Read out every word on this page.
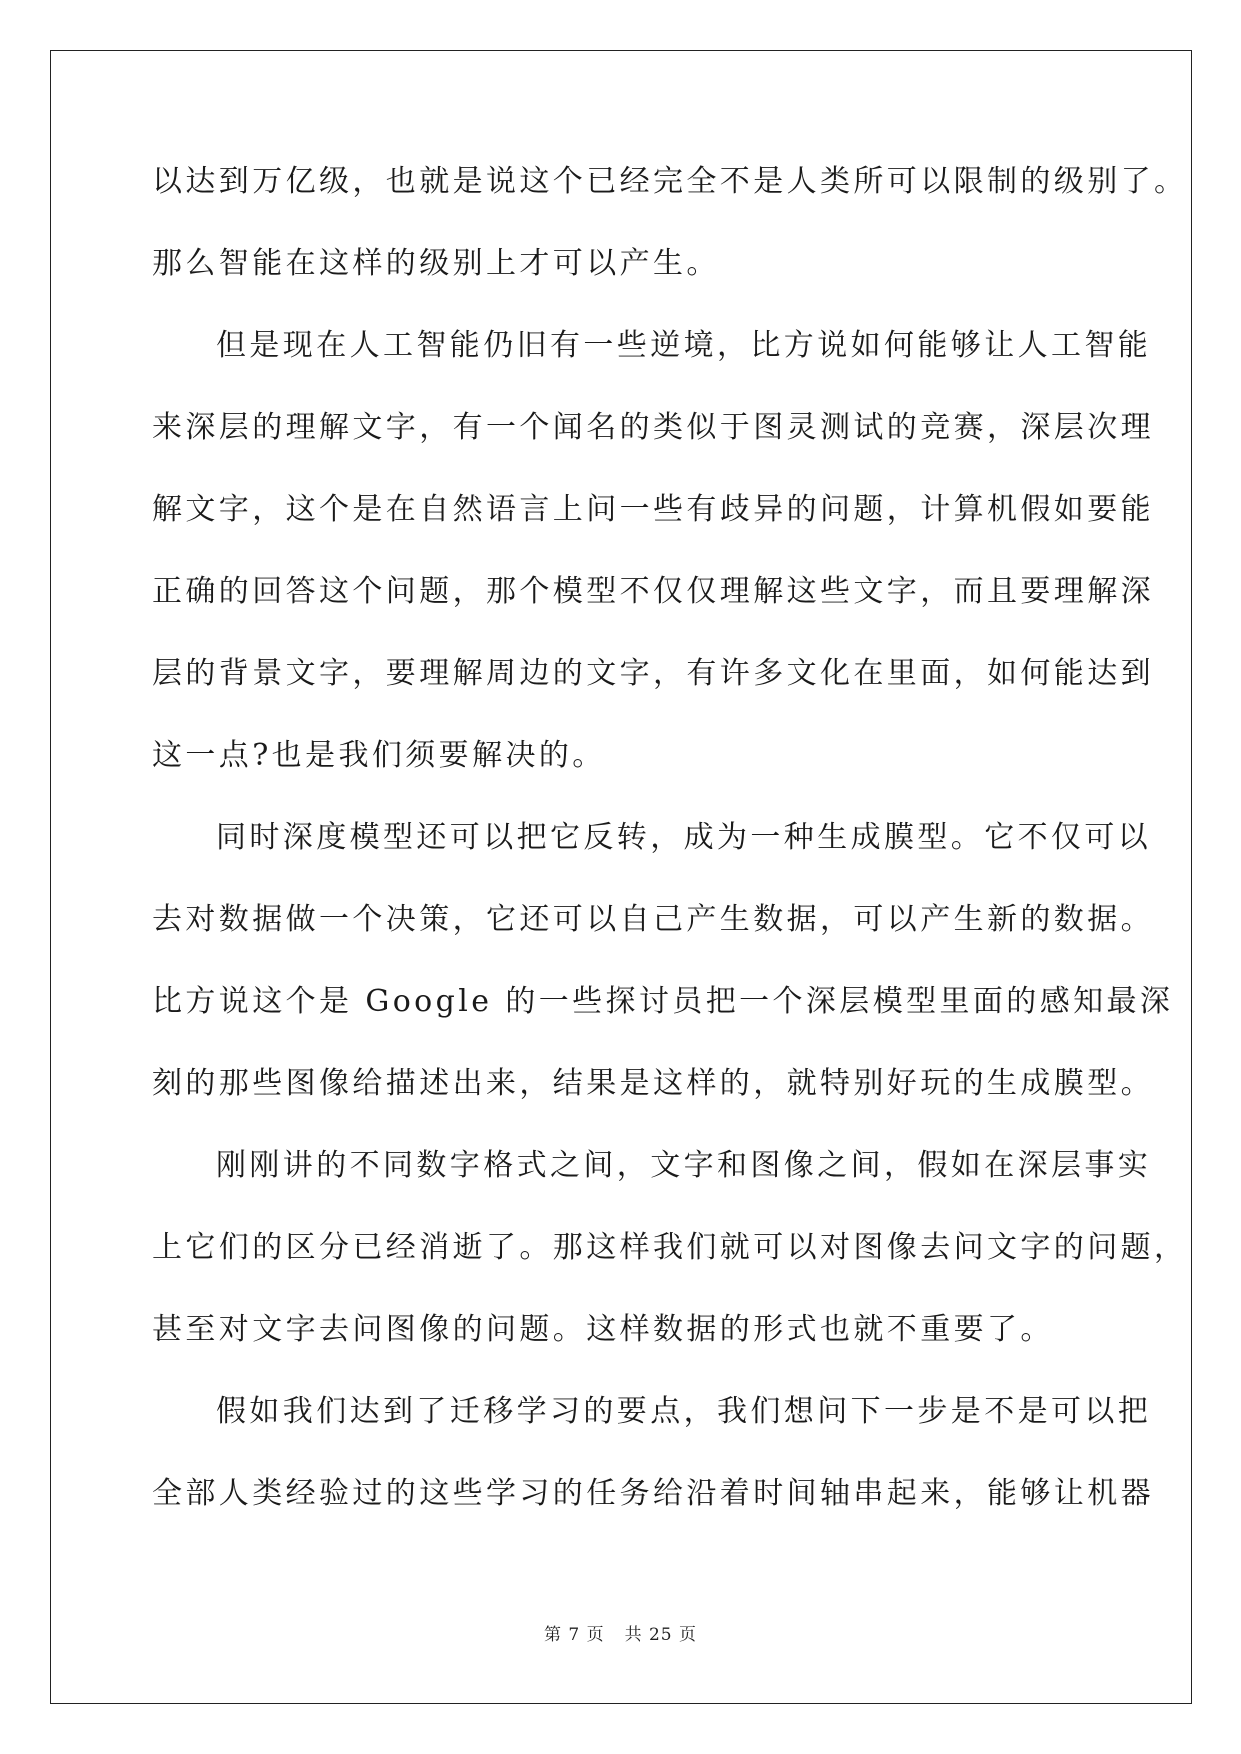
以达到万亿级，也就是说这个已经完全不是人类所可以限制的级别了。
那么智能在这样的级别上才可以产生。
但是现在人工智能仍旧有一些逆境，比方说如何能够让人工智能
来深层的理解文字，有一个闻名的类似于图灵测试的竞赛，深层次理
解文字，这个是在自然语言上问一些有歧异的问题，计算机假如要能
正确的回答这个问题，那个模型不仅仅理解这些文字，而且要理解深
层的背景文字，要理解周边的文字，有许多文化在里面，如何能达到
这一点?也是我们须要解决的。
同时深度模型还可以把它反转，成为一种生成膜型。它不仅可以
去对数据做一个决策，它还可以自己产生数据，可以产生新的数据。
比方说这个是 Google 的一些探讨员把一个深层模型里面的感知最深
刻的那些图像给描述出来，结果是这样的，就特别好玩的生成膜型。
刚刚讲的不同数字格式之间，文字和图像之间，假如在深层事实
上它们的区分已经消逝了。那这样我们就可以对图像去问文字的问题，
甚至对文字去问图像的问题。这样数据的形式也就不重要了。
假如我们达到了迁移学习的要点，我们想问下一步是不是可以把
全部人类经验过的这些学习的任务给沿着时间轴串起来，能够让机器
第 7 页 共 25 页
